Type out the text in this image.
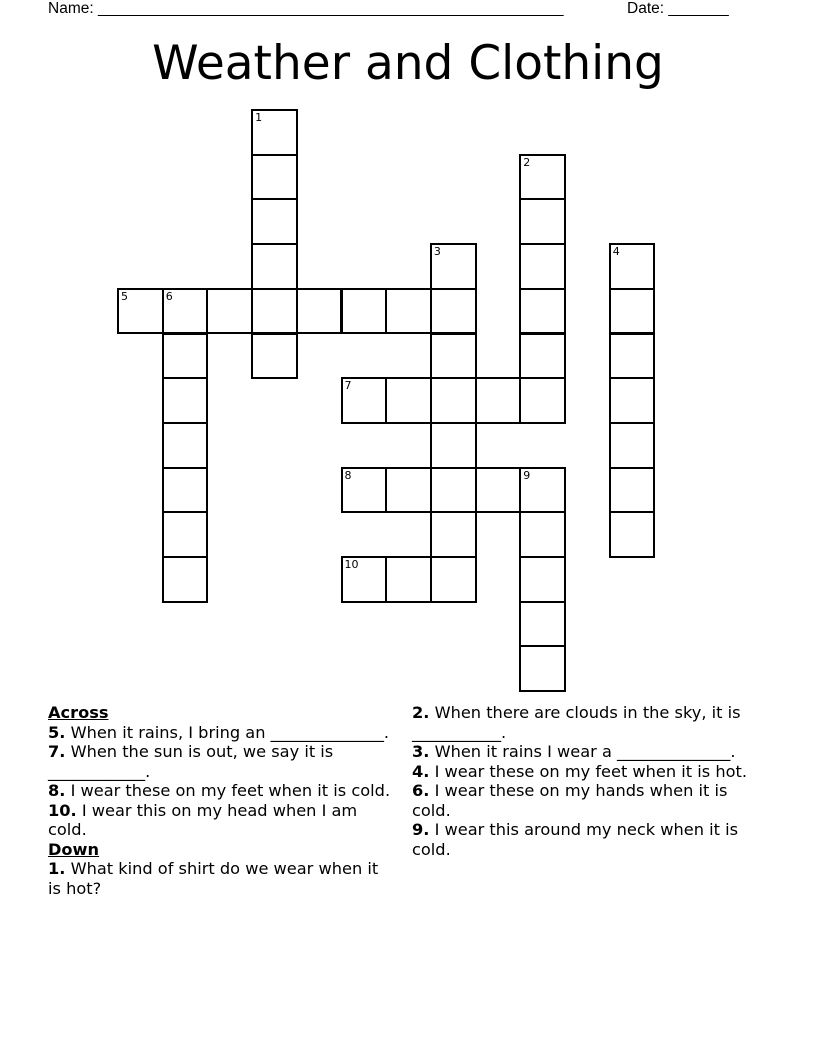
Name: ______________________________________________________	Date: _______
Weather and Clothing
1
2
3	4
5	6
7
8	9
10
Across
5. When it rains, I bring an ______________.
7. When the sun is out, we say it is ____________.
8. I wear these on my feet when it is cold.
10. I wear this on my head when I am cold.
Down
1. What kind of shirt do we wear when it is hot?
2. When there are clouds in the sky, it is ___________.
3. When it rains I wear a ______________.
4. I wear these on my feet when it is hot.
6. I wear these on my hands when it is cold.
9. I wear this around my neck when it is cold.
